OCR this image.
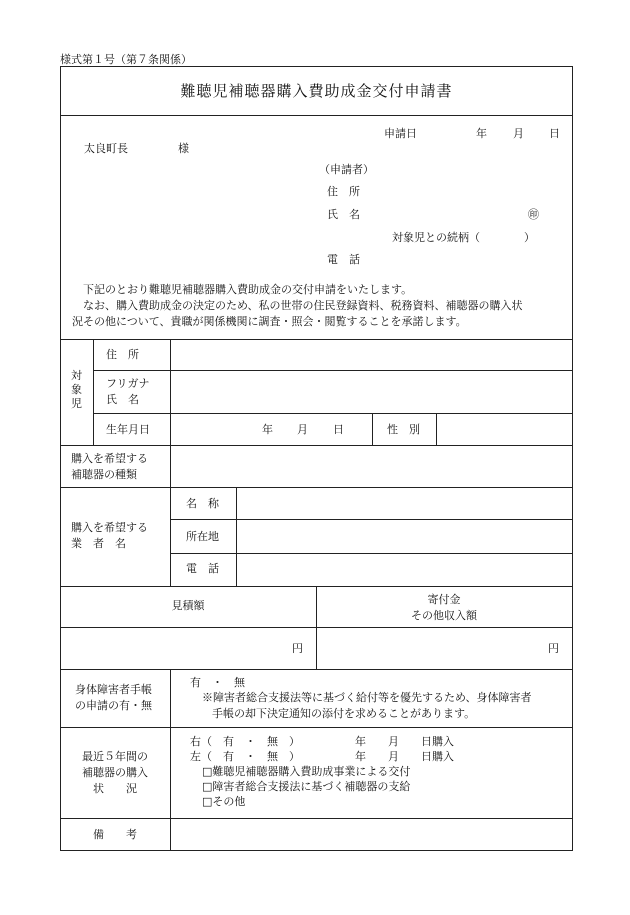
様式第１号（第７条関係）
難聴児補聴器購入費助成金交付申請書
申請日	年 月 日
太良町長	様
（申請者）
住　所
氏　名	㊞
対象児との続柄（　　　　）
電　話
　下記のとおり難聴児補聴器購入費助成金の交付申請をいたします。
　なお、購入費助成金の決定のため、私の世帯の住民登録資料、税務資料、補聴器の購入状
況その他について、貴職が関係機関に調査・照会・閲覧することを承諾します。
対象児
住　所
フリガナ
氏　名
生年月日	年 月 日	性　別
購入を希望する
補聴器の種類
購入を希望する
業　者　名
名　称
所在地
電　話
見積額	寄付金
その他収入額
円	円
身体障害者手帳
の申請の有・無
有　・　無
※障害者総合支援法等に基づく給付等を優先するため、身体障害者
手帳の却下決定通知の添付を求めることがあります。
最近５年間の
補聴器の購入
状　　況
右（　有　・　無　）	年　　月　　日購入
左（　有　・　無　）	年　　月　　日購入
□難聴児補聴器購入費助成事業による交付
□障害者総合支援法に基づく補聴器の支給
□その他
備　　考
